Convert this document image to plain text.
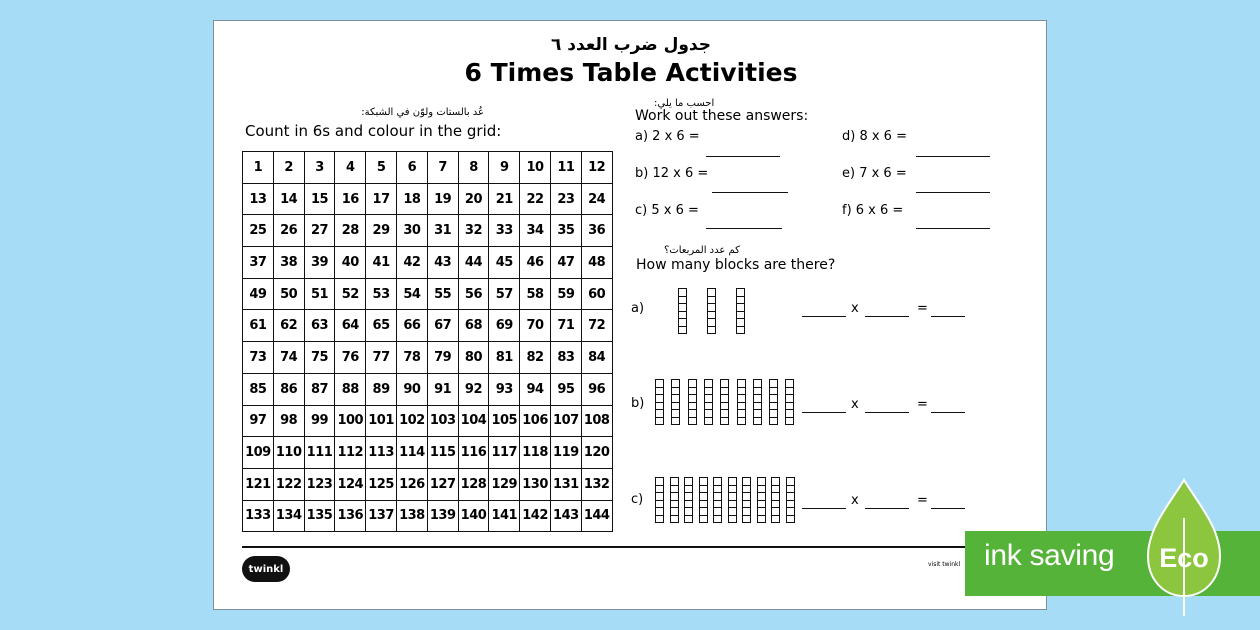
جدول ضرب العدد ٦
6 Times Table Activities
عُد بالستات ولوّن في الشبكة:
Count in 6s and colour in the grid:
1	2	3	4	5	6	7	8	9	10	11	12
13	14	15	16	17	18	19	20	21	22	23	24
25	26	27	28	29	30	31	32	33	34	35	36
37	38	39	40	41	42	43	44	45	46	47	48
49	50	51	52	53	54	55	56	57	58	59	60
61	62	63	64	65	66	67	68	69	70	71	72
73	74	75	76	77	78	79	80	81	82	83	84
85	86	87	88	89	90	91	92	93	94	95	96
97	98	99	100	101	102	103	104	105	106	107	108
109	110	111	112	113	114	115	116	117	118	119	120
121	122	123	124	125	126	127	128	129	130	131	132
133	134	135	136	137	138	139	140	141	142	143	144
احسب ما يلي:
Work out these answers:
a) 2 x 6 =
b) 12 x 6 =
c) 5 x 6 =
d) 8 x 6 =
e) 7 x 6 =
f) 6 x 6 =
كم عدد المربعات؟
How many blocks are there?
a)
b)
c)
x	=
x	=
x	=
twinkl	visit twinkl ink saving	Eco
